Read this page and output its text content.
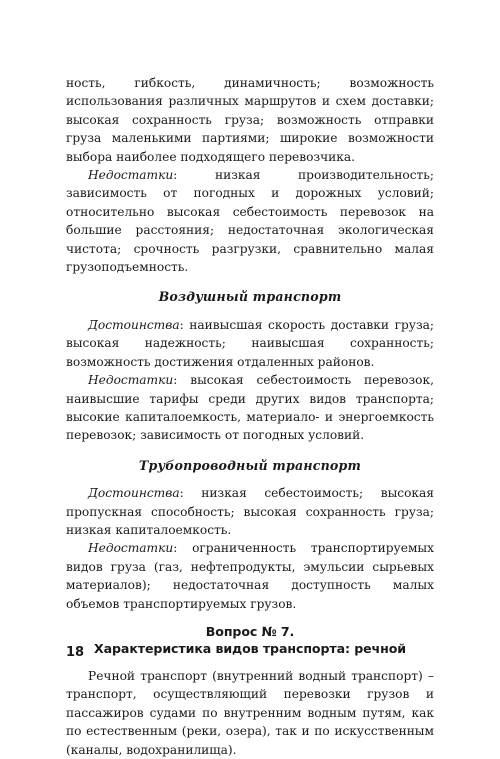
ность, гибкость, динамичность; возможность использования различных маршрутов и схем доставки; высокая сохранность груза; возможность отправки груза маленькими партиями; широкие возможности выбора наиболее подходящего перевозчика.

Недостатки: низкая производительность; зависимость от погодных и дорожных условий; относительно высокая себестоимость перевозок на большие расстояния; недостаточная экологическая чистота; срочность разгрузки, сравнительно малая грузоподъемность.

Воздушный транспорт

Достоинства: наивысшая скорость доставки груза; высокая надежность; наивысшая сохранность; возможность достижения отдаленных районов.

Недостатки: высокая себестоимость перевозок, наивысшие тарифы среди других видов транспорта; высокие капиталоемкость, материало- и энергоемкость перевозок; зависимость от погодных условий.

Трубопроводный транспорт

Достоинства: низкая себестоимость; высокая пропускная способность; высокая сохранность груза; низкая капиталоемкость.

Недостатки: ограниченность транспортируемых видов груза (газ, нефтепродукты, эмульсии сырьевых материалов); недостаточная доступность малых объемов транспортируемых грузов.

Вопрос № 7.
Характеристика видов транспорта: речной

Речной транспорт (внутренний водный транспорт) – транспорт, осуществляющий перевозки грузов и пассажиров судами по внутренним водным путям, как по естественным (реки, озера), так и по искусственным (каналы, водохранилища).

18
